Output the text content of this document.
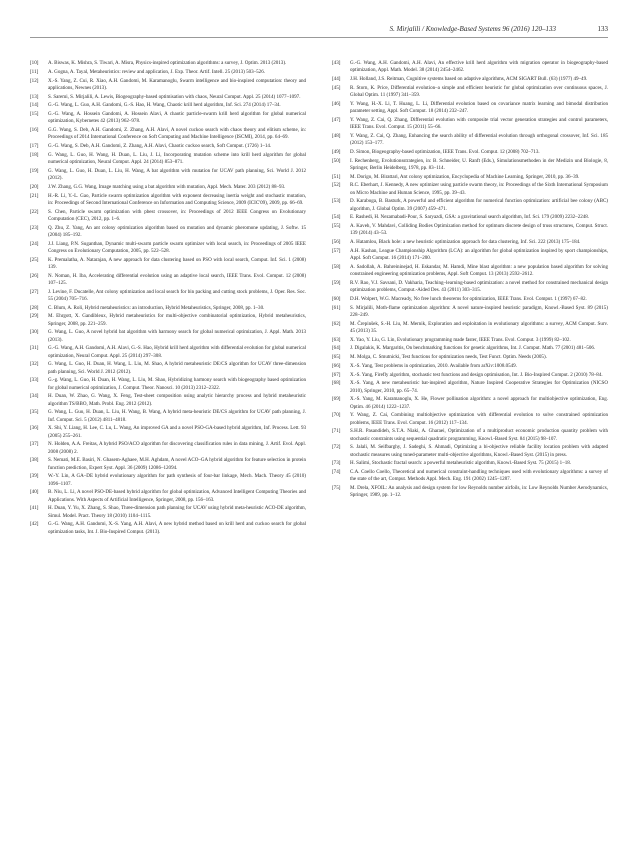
S. Mirjalili / Knowledge-Based Systems 96 (2016) 120–133	133
[10] A. Biswas, K. Mishra, S. Tiwari, A. Misra, Physics-inspired optimization algorithms: a survey, J. Optim. 2013 (2013).
[11] A. Gogna, A. Tayal, Metaheuristics: review and application, J. Exp. Theor. Artif. Intell. 25 (2013) 503–526.
[12] X.-S. Yang, Z. Cui, R. Xiao, A.H. Gandomi, M. Karamanoglu, Swarm intelligence and bio-inspired computation: theory and applications, Newnes (2013).
[13] S. Saremi, S. Mirjalili, A. Lewis, Biogeography-based optimisation with chaos, Neural Comput. Appl. 25 (2014) 1077–1097.
[14] G.-G. Wang, L. Guo, A.H. Gandomi, G.-S. Hao, H. Wang, Chaotic krill herd algorithm, Inf. Sci. 274 (2014) 17–34.
[15] G.-G. Wang, A. Hossein Gandomi, A. Hossein Alavi, A chaotic particle-swarm krill herd algorithm for global numerical optimization, Kybernetes 42 (2013) 962–978.
[16] G.G. Wang, S. Deb, A.H. Gandomi, Z. Zhang, A.H. Alavi, A novel cuckoo search with chaos theory and elitism scheme, in: Proceedings of 2014 International Conference on Soft Computing and Machine Intelligence (ISCMI), 2014, pp. 64–69.
[17] G.-G. Wang, S. Deb, A.H. Gandomi, Z. Zhang, A.H. Alavi, Chaotic cuckoo search, Soft Comput. (1726) 1–14.
[18] G. Wang, L. Guo, H. Wang, H. Duan, L. Liu, J. Li, Incorporating mutation scheme into krill herd algorithm for global numerical optimization, Neural Comput. Appl. 24 (2014) 853–871.
[19] G. Wang, L. Guo, H. Duan, L. Liu, H. Wang, A bat algorithm with mutation for UCAV path planning, Sci. World J. 2012 (2012).
[20] J.W. Zhang, G.G. Wang, Image matching using a bat algorithm with mutation, Appl. Mech. Mater. 203 (2012) 88–93.
[21] H.-R. Li, Y.-L. Gao, Particle swarm optimization algorithm with exponent decreasing inertia weight and stochastic mutation, in: Proceedings of Second International Conference on Information and Computing Science, 2009 (ICIC'09), 2009, pp. 66–69.
[22] S. Chen, Particle swarm optimization with pbest crossover, in: Proceedings of 2012 IEEE Congress on Evolutionary Computation (CEC), 2012, pp. 1–6.
[23] Q. Zhu, Z. Yang, An ant colony optimization algorithm based on mutation and dynamic pheromone updating, J. Softw. 15 (2004) 185–192.
[24] J.J. Liang, P.N. Suganthan, Dynamic multi-swarm particle swarm optimizer with local search, in: Proceedings of 2005 IEEE Congress on Evolutionary Computation, 2005, pp. 522–528.
[25] K. Premalatha, A. Natarajan, A new approach for data clustering based on PSO with local search, Comput. Inf. Sci. 1 (2008) 139.
[26] N. Noman, H. Iba, Accelerating differential evolution using an adaptive local search, IEEE Trans. Evol. Comput. 12 (2008) 107–125.
[27] J. Levine, F. Ducatelle, Ant colony optimization and local search for bin packing and cutting stock problems, J. Oper. Res. Soc. 55 (2004) 705–716.
[28] C. Blum, A. Roli, Hybrid metaheuristics: an introduction, Hybrid Metaheuristics, Springer, 2008, pp. 1–30.
[29] M. Ehrgott, X. Gandibleux, Hybrid metaheuristics for multi-objective combinatorial optimization, Hybrid metaheuristics, Springer, 2008, pp. 221–259.
[30] G. Wang, L. Guo, A novel hybrid bat algorithm with harmony search for global numerical optimization, J. Appl. Math. 2013 (2013).
[31] G.-G. Wang, A.H. Gandomi, A.H. Alavi, G.-S. Hao, Hybrid krill herd algorithm with differential evolution for global numerical optimization, Neural Comput. Appl. 25 (2014) 297–308.
[32] G. Wang, L. Guo, H. Duan, H. Wang, L. Liu, M. Shao, A hybrid metaheuristic DE/CS algorithm for UCAV three-dimension path planning, Sci. World J. 2012 (2012).
[33] G.-g. Wang, L. Guo, H. Duan, H. Wang, L. Liu, M. Shao, Hybridizing harmony search with biogeography based optimization for global numerical optimization, J. Comput. Theor. Nanosci. 10 (2013) 2312–2322.
[34] H. Duan, W. Zhao, G. Wang, X. Feng, Test-sheet composition using analytic hierarchy process and hybrid metaheuristic algorithm TS/BBO, Math. Probl. Eng. 2012 (2012).
[35] G. Wang, L. Guo, H. Duan, L. Liu, H. Wang, B. Wang, A hybrid meta-heuristic DE/CS algorithm for UCAV path planning, J. Inf. Comput. Sci. 5 (2012) 4811–4818.
[36] X. Shi, Y. Liang, H. Lee, C. Lu, L. Wang, An improved GA and a novel PSO-GA-based hybrid algorithm, Inf. Process. Lett. 93 (2005) 255–261.
[37] N. Holden, A.A. Freitas, A hybrid PSO/ACO algorithm for discovering classification rules in data mining, J. Artif. Evol. Appl. 2008 (2008) 2.
[38] S. Nemati, M.E. Basiri, N. Ghasem-Aghaee, M.H. Aghdam, A novel ACO–GA hybrid algorithm for feature selection in protein function prediction, Expert Syst. Appl. 36 (2009) 12086–12094.
[39] W.-Y. Lin, A GA–DE hybrid evolutionary algorithm for path synthesis of four-bar linkage, Mech. Mach. Theory 45 (2010) 1096–1107.
[40] B. Niu, L. Li, A novel PSO-DE-based hybrid algorithm for global optimization, Advanced Intelligent Computing Theories and Applications. With Aspects of Artificial Intelligence, Springer, 2008, pp. 156–163.
[41] H. Duan, Y. Yu, X. Zhang, S. Shao, Three-dimension path planning for UCAV using hybrid meta-heuristic ACO-DE algorithm, Simul. Model. Pract. Theory 18 (2010) 1104–1115.
[42] G.-G. Wang, A.H. Gandomi, X.-S. Yang, A.H. Alavi, A new hybrid method based on krill herd and cuckoo search for global optimization tasks, Int. J. Bio-Inspired Comput. (2013).
[43] G.-G. Wang, A.H. Gandomi, A.H. Alavi, An effective krill herd algorithm with migration operator in biogeography-based optimization, Appl. Math. Model. 38 (2014) 2454–2462.
[44] J.H. Holland, J.S. Reitman, Cognitive systems based on adaptive algorithms, ACM SIGART Bull. (63) (1977) 49–49.
[45] R. Storn, K. Price, Differential evolution–a simple and efficient heuristic for global optimization over continuous spaces, J. Global Optim. 11 (1997) 341–359.
[46] Y. Wang, H.-X. Li, T. Huang, L. Li, Differential evolution based on covariance matrix learning and bimodal distribution parameter setting, Appl. Soft Comput. 18 (2014) 232–247.
[47] Y. Wang, Z. Cai, Q. Zhang, Differential evolution with composite trial vector generation strategies and control parameters, IEEE Trans. Evol. Comput. 15 (2011) 55–66.
[48] Y. Wang, Z. Cai, Q. Zhang, Enhancing the search ability of differential evolution through orthogonal crossover, Inf. Sci. 185 (2012) 153–177.
[49] D. Simon, Biogeography-based optimization, IEEE Trans. Evol. Comput. 12 (2008) 702–713.
[50] I. Rechenberg, Evolutionsstrategien, in: B. Schneider, U. Ranft (Eds.), Simulationsmethoden in der Medizin und Biologie, 8, Springer, Berlin Heidelberg, 1978, pp. 83–114.
[51] M. Dorigo, M. Birattari, Ant colony optimization, Encyclopedia of Machine Learning, Springer, 2010, pp. 36–39.
[52] R.C. Eberhart, J. Kennedy, A new optimizer using particle swarm theory, in: Proceedings of the Sixth International Symposium on Micro Machine and Human Science, 1995, pp. 39–43.
[53] D. Karaboga, B. Basturk, A powerful and efficient algorithm for numerical function optimization: artificial bee colony (ABC) algorithm, J. Global Optim. 39 (2007) 459–471.
[54] E. Rashedi, H. Nezamabadi-Pour, S. Saryazdi, GSA: a gravitational search algorithm, Inf. Sci. 179 (2009) 2232–2248.
[55] A. Kaveh, V. Mahdavi, Colliding Bodies Optimization method for optimum discrete design of truss structures, Comput. Struct. 139 (2014) 43–53.
[56] A. Hatamlou, Black hole: a new heuristic optimization approach for data clustering, Inf. Sci. 222 (2013) 175–184.
[57] A.H. Kashan, League Championship Algorithm (LCA): an algorithm for global optimization inspired by sport championships, Appl. Soft Comput. 16 (2014) 171–200.
[58] A. Sadollah, A. Bahreininejad, H. Eskandar, M. Hamdi, Mine blast algorithm: a new population based algorithm for solving constrained engineering optimization problems, Appl. Soft Comput. 13 (2013) 2592–2612.
[59] R.V. Rao, V.J. Savsani, D. Vakharia, Teaching–learning-based optimization: a novel method for constrained mechanical design optimization problems, Comput.-Aided Des. 43 (2011) 303–315.
[60] D.H. Wolpert, W.G. Macready, No free lunch theorems for optimization, IEEE Trans. Evol. Comput. 1 (1997) 67–82.
[61] S. Mirjalili, Moth-flame optimization algorithm: A novel nature-inspired heuristic paradigm, Knowl.-Based Syst. 89 (2015) 228–249.
[62] M. Črepinšek, S.-H. Liu, M. Mernik, Exploration and exploitation in evolutionary algorithms: a survey, ACM Comput. Surv. 45 (2013) 35.
[63] X. Yao, Y. Liu, G. Lin, Evolutionary programming made faster, IEEE Trans. Evol. Comput. 3 (1999) 82–102.
[64] J. Digalakis, K. Margaritis, On benchmarking functions for genetic algorithms, Int. J. Comput. Math. 77 (2001) 481–506.
[65] M. Molga, C. Smutnicki, Test functions for optimization needs, Test Funct. Optim. Needs (2005).
[66] X.-S. Yang, Test problems in optimization, 2010. Available from arXiv:1008.0549.
[67] X.-S. Yang, Firefly algorithm, stochastic test functions and design optimisation, Int. J. Bio-Inspired Comput. 2 (2010) 78–84.
[68] X.-S. Yang, A new metaheuristic bat-inspired algorithm, Nature Inspired Cooperative Strategies for Optimization (NICSO 2010), Springer, 2010, pp. 65–74.
[69] X.-S. Yang, M. Karamanoglu, X. He, Flower pollination algorithm: a novel approach for multiobjective optimization, Eng. Optim. 46 (2014) 1222–1237.
[70] Y. Wang, Z. Cai, Combining multiobjective optimization with differential evolution to solve constrained optimization problems, IEEE Trans. Evol. Comput. 16 (2012) 117–134.
[71] S.H.R. Pasandideh, S.T.A. Niaki, A. Gharaei, Optimization of a multiproduct economic production quantity problem with stochastic constraints using sequential quadratic programming, Knowl.-Based Syst. 84 (2015) 98–107.
[72] S. Jalali, M. Seifbarghy, J. Sadeghi, S. Ahmadi, Optimizing a bi-objective reliable facility location problem with adapted stochastic measures using tuned-parameter multi-objective algorithms, Knowl.-Based Syst. (2015) in press.
[73] H. Salimi, Stochastic fractal search: a powerful metaheuristic algorithm, Knowl.-Based Syst. 75 (2015) 1–18.
[74] C.A. Coello Coello, Theoretical and numerical constraint-handling techniques used with evolutionary algorithms: a survey of the state of the art, Comput. Methods Appl. Mech. Eng. 191 (2002) 1245–1287.
[75] M. Drela, XFOIL: An analysis and design system for low Reynolds number airfoils, in: Low Reynolds Number Aerodynamics, Springer, 1989, pp. 1–12.
